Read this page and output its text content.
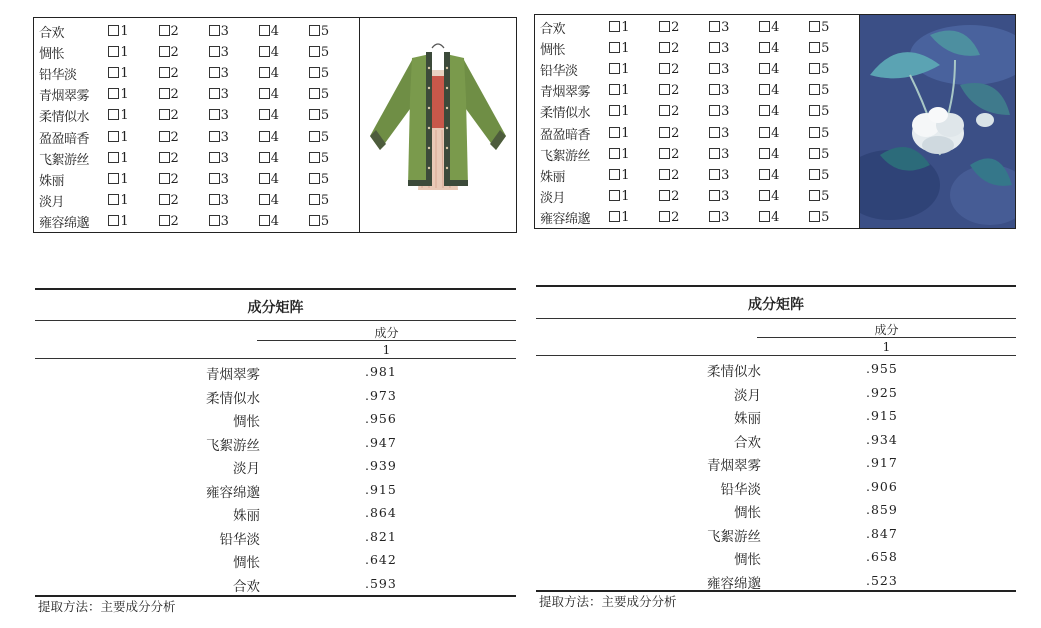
合欢	1	2	3	4	5
惆怅	1	2	3	4	5
铅华淡	1	2	3	4	5
青烟翠雾	1	2	3	4	5
柔情似水	1	2	3	4	5
盈盈暗香	1	2	3	4	5
飞絮游丝	1	2	3	4	5
姝丽	1	2	3	4	5
淡月	1	2	3	4	5
雍容绵邈	1	2	3	4	5
合欢	1	2	3	4	5
惆怅	1	2	3	4	5
铅华淡	1	2	3	4	5
青烟翠雾	1	2	3	4	5
柔情似水	1	2	3	4	5
盈盈暗香	1	2	3	4	5
飞絮游丝	1	2	3	4	5
姝丽	1	2	3	4	5
淡月	1	2	3	4	5
雍容绵邈	1	2	3	4	5
成分矩阵
成分
1
提取方法：主要成分分析
青烟翠雾	.981
柔情似水	.973
惆怅	.956
飞絮游丝	.947
淡月	.939
雍容绵邈	.915
姝丽	.864
铅华淡	.821
惆怅	.642
合欢	.593
成分矩阵
成分
1
提取方法：主要成分分析
柔情似水	.955
淡月	.925
姝丽	.915
合欢	.934
青烟翠雾	.917
铅华淡	.906
惆怅	.859
飞絮游丝	.847
惆怅	.658
雍容绵邈	.523
